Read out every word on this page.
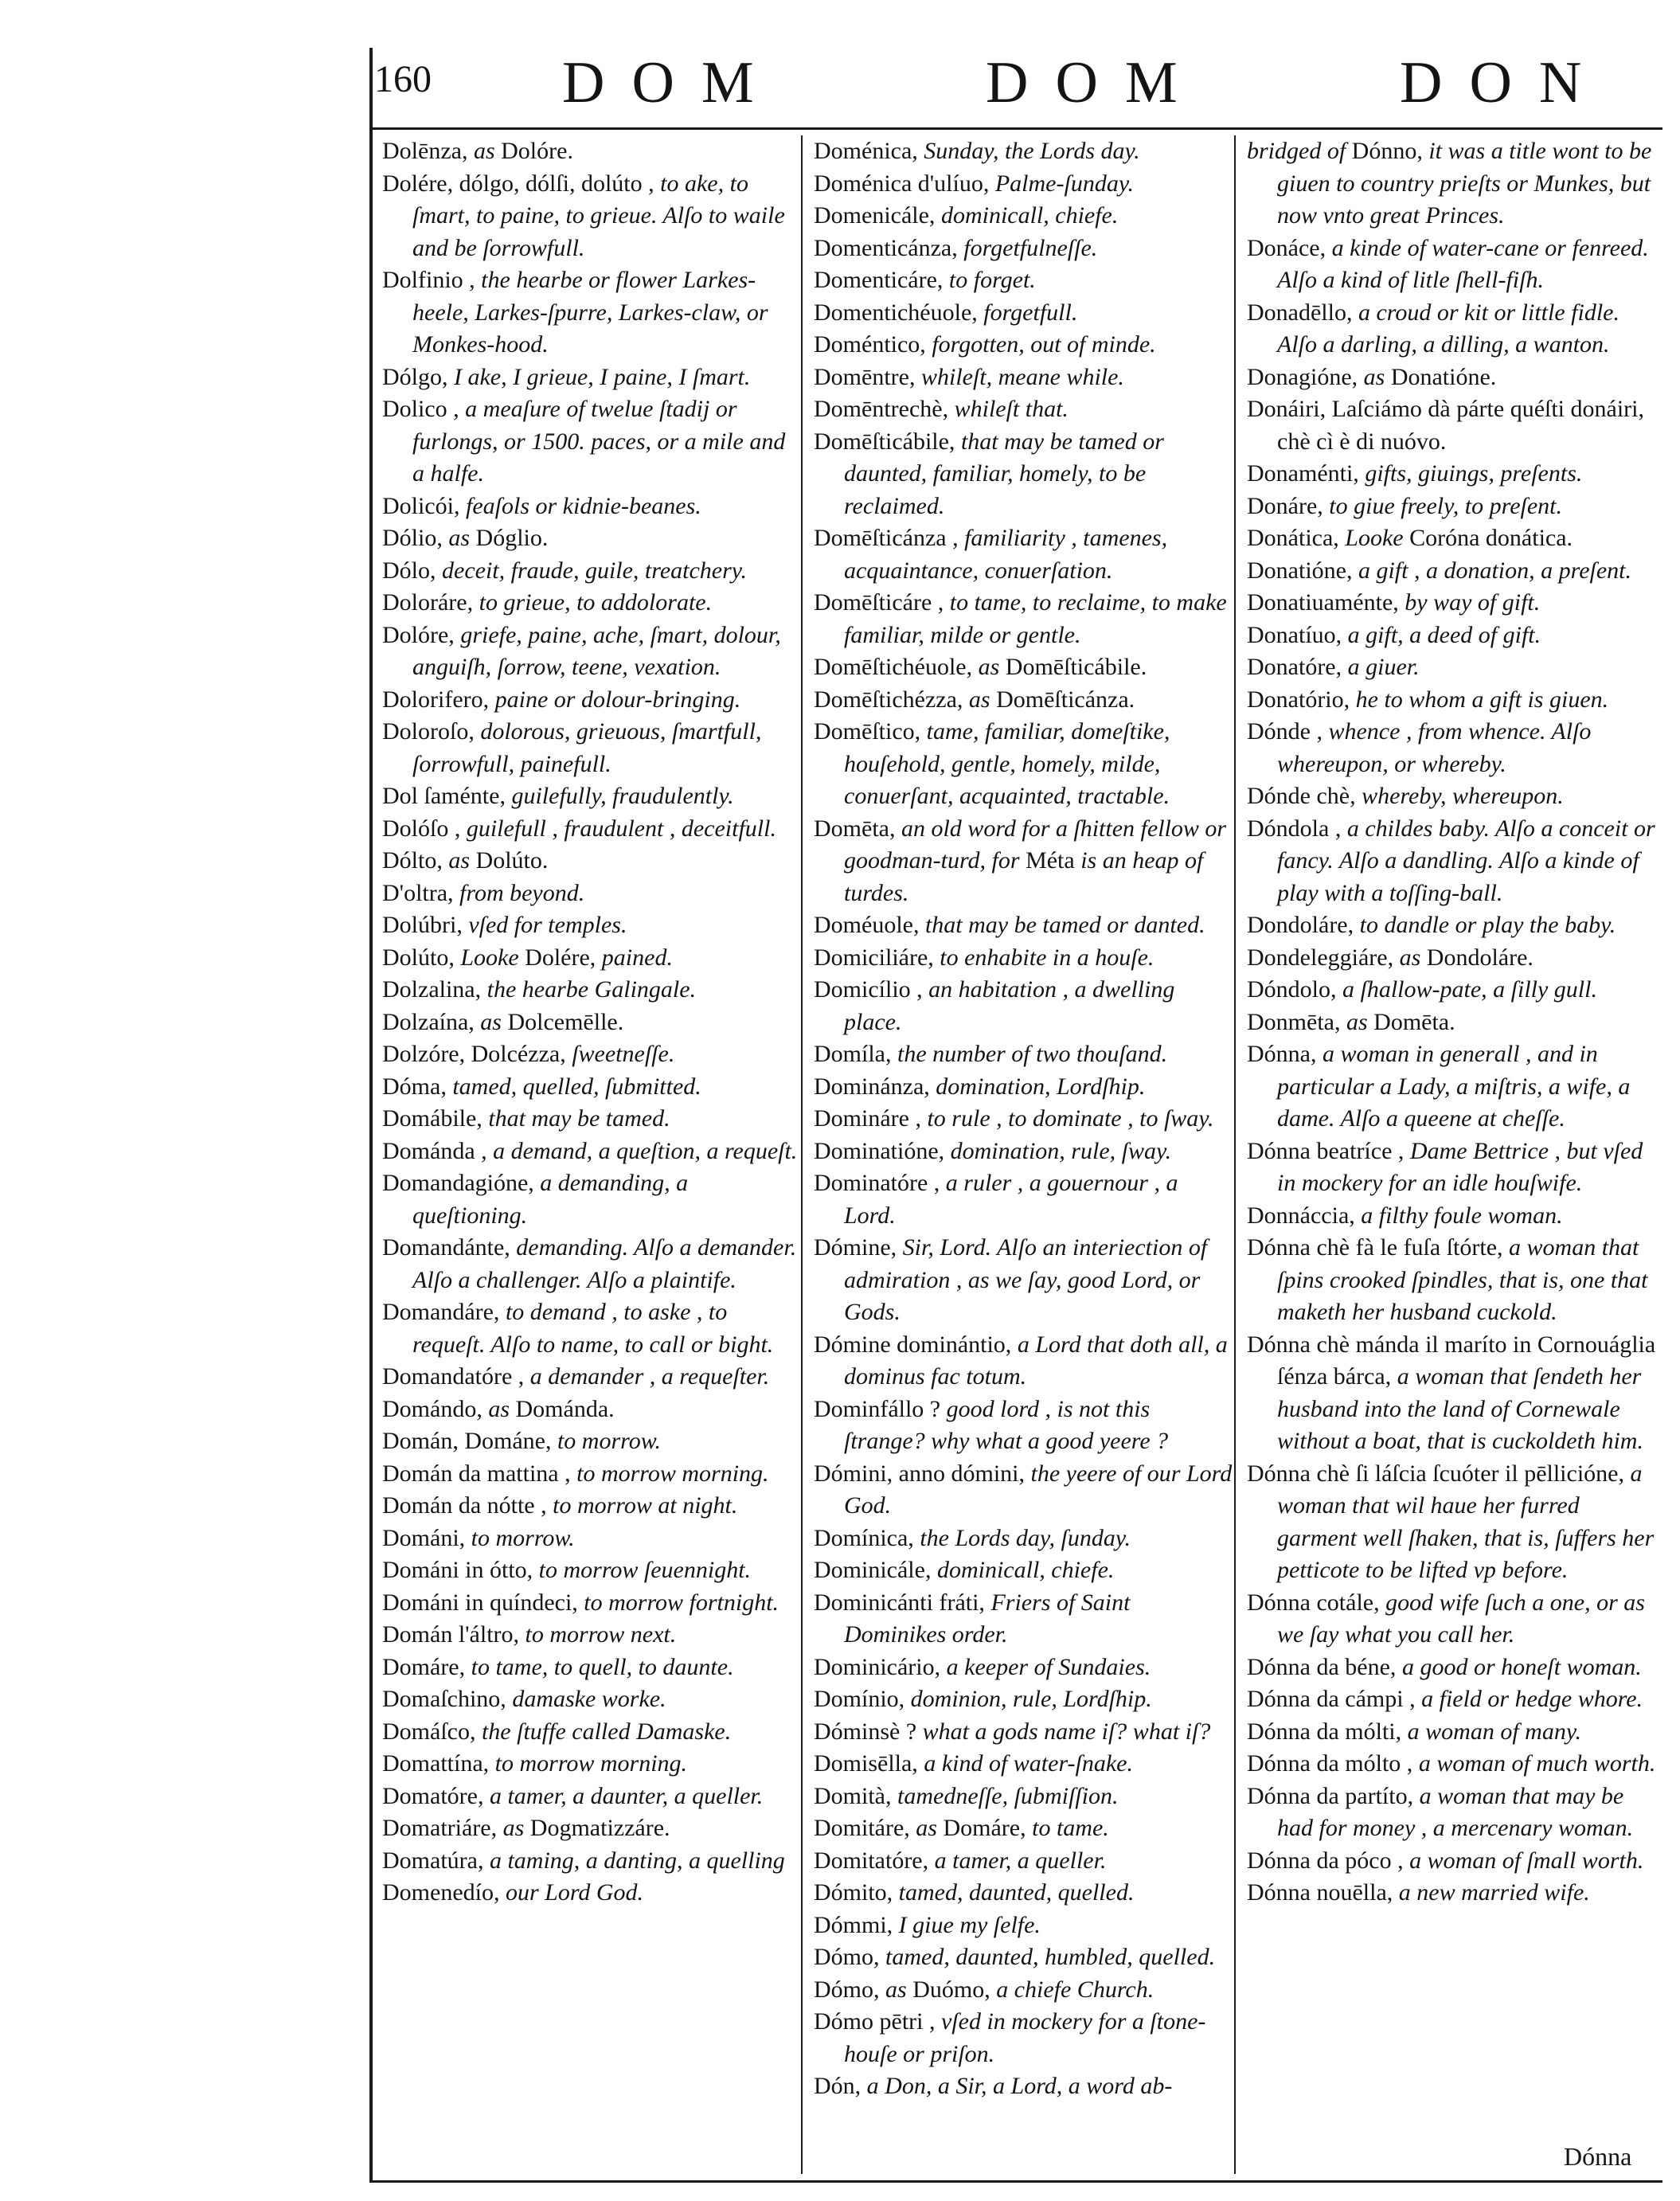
160 DOM	DOM	DON

Dolēnza, as Dolóre.

Dolére, dólgo, dólſi, dolúto , to ake, to ſmart, to paine, to grieue. Alſo to waile and be ſorrowfull.

Dolfinio , the hearbe or flower Larkes-heele, Larkes-ſpurre, Larkes-claw, or Monkes-hood.

Dólgo, I ake, I grieue, I paine, I ſmart.

Dolico , a meaſure of twelue ſtadij or furlongs, or 1500. paces, or a mile and a halfe.

Dolicói, feaſols or kidnie-beanes.

Dólio, as Dóglio.

Dólo, deceit, fraude, guile, treatchery.

Doloráre, to grieue, to addolorate.

Dolóre, griefe, paine, ache, ſmart, dolour, anguiſh, ſorrow, teene, vexation.

Dolorifero, paine or dolour-bringing.

Doloroſo, dolorous, grieuous, ſmartfull, ſorrowfull, painefull.

Dol ſaménte, guilefully, fraudulently.

Dolóſo , guilefull , fraudulent , deceitfull.

Dólto, as Dolúto.

D'oltra, from beyond.

Dolúbri, vſed for temples.

Dolúto, Looke Dolére, pained.

Dolzalina, the hearbe Galingale.

Dolzaína, as Dolcemēlle.

Dolzóre, Dolcézza, ſweetneſſe.

Dóma, tamed, quelled, ſubmitted.

Domábile, that may be tamed.

Dománda , a demand, a queſtion, a requeſt.

Domandagióne, a demanding, a queſtioning.

Domandánte, demanding. Alſo a demander. Alſo a challenger. Alſo a plaintife.

Domandáre, to demand , to aske , to requeſt. Alſo to name, to call or bight.

Domandatóre , a demander , a requeſter.

Domándo, as Dománda.

Domán, Dománe, to morrow.

Domán da mattina , to morrow morning.

Domán da nótte , to morrow at night.

Dománi, to morrow.

Dománi in ótto, to morrow ſeuennight.

Dománi in quíndeci, to morrow fortnight.

Domán l'áltro, to morrow next.

Domáre, to tame, to quell, to daunte.

Domaſchino, damaske worke.

Domáſco, the ſtuffe called Damaske.

Domattína, to morrow morning.

Domatóre, a tamer, a daunter, a queller.

Domatriáre, as Dogmatizzáre.

Domatúra, a taming, a danting, a quelling

Domenedío, our Lord God.

Doménica, Sunday, the Lords day.

Doménica d'ulíuo, Palme-ſunday.

Domenicále, dominicall, chiefe.

Domenticánza, forgetfulneſſe.

Domenticáre, to forget.

Domentichéuole, forgetfull.

Doméntico, forgotten, out of minde.

Domēntre, whileſt, meane while.

Domēntrechè, whileſt that.

Domēſticábile, that may be tamed or daunted, familiar, homely, to be reclaimed.

Domēſticánza , familiarity , tamenes, acquaintance, conuerſation.

Domēſticáre , to tame, to reclaime, to make familiar, milde or gentle.

Domēſtichéuole, as Domēſticábile.

Domēſtichézza, as Domēſticánza.

Domēſtico, tame, familiar, domeſtike, houſehold, gentle, homely, milde, conuerſant, acquainted, tractable.

Domēta, an old word for a ſhitten fellow or goodman-turd, for Méta is an heap of turdes.

Doméuole, that may be tamed or danted.

Domiciliáre, to enhabite in a houſe.

Domicílio , an habitation , a dwelling place.

Domíla, the number of two thouſand.

Dominánza, domination, Lordſhip.

Domináre , to rule , to dominate , to ſway.

Dominatióne, domination, rule, ſway.

Dominatóre , a ruler , a gouernour , a Lord.

Dómine, Sir, Lord. Alſo an interiection of admiration , as we ſay, good Lord, or Gods.

Dómine dominántio, a Lord that doth all, a dominus fac totum.

Dominfállo ? good lord , is not this ſtrange? why what a good yeere ?

Dómini, anno dómini, the yeere of our Lord God.

Domínica, the Lords day, ſunday.

Dominicále, dominicall, chiefe.

Dominicánti fráti, Friers of Saint Dominikes order.

Dominicário, a keeper of Sundaies.

Domínio, dominion, rule, Lordſhip.

Dóminsè ? what a gods name iſ? what iſ?

Domisēlla, a kind of water-ſnake.

Domità, tamedneſſe, ſubmiſſion.

Domitáre, as Domáre, to tame.

Domitatóre, a tamer, a queller.

Dómito, tamed, daunted, quelled.

Dómmi, I giue my ſelfe.

Dómo, tamed, daunted, humbled, quelled.

Dómo, as Duómo, a chiefe Church.

Dómo pētri , vſed in mockery for a ſtone-houſe or priſon.

Dón, a Don, a Sir, a Lord, a word ab-

bridged of Dónno, it was a title wont to be giuen to country prieſts or Munkes, but now vnto great Princes.

Donáce, a kinde of water-cane or fenreed. Alſo a kind of litle ſhell-fiſh.

Donadēllo, a croud or kit or little fidle. Alſo a darling, a dilling, a wanton.

Donagióne, as Donatióne.

Donáiri, Laſciámo dà párte quéſti donáiri, chè cì è di nuóvo.

Donaménti, gifts, giuings, preſents.

Donáre, to giue freely, to preſent.

Donática, Looke Coróna donática.

Donatióne, a gift , a donation, a preſent.

Donatiuaménte, by way of gift.

Donatíuo, a gift, a deed of gift.

Donatóre, a giuer.

Donatório, he to whom a gift is giuen.

Dónde , whence , from whence. Alſo whereupon, or whereby.

Dónde chè, whereby, whereupon.

Dóndola , a childes baby. Alſo a conceit or fancy. Alſo a dandling. Alſo a kinde of play with a toſſing-ball.

Dondoláre, to dandle or play the baby.

Dondeleggiáre, as Dondoláre.

Dóndolo, a ſhallow-pate, a ſilly gull.

Donmēta, as Domēta.

Dónna, a woman in generall , and in particular a Lady, a miſtris, a wife, a dame. Alſo a queene at cheſſe.

Dónna beatríce , Dame Bettrice , but vſed in mockery for an idle houſwife.

Donnáccia, a filthy foule woman.

Dónna chè fà le fuſa ſtórte, a woman that ſpins crooked ſpindles, that is, one that maketh her husband cuckold.

Dónna chè mánda il maríto in Cornouáglia ſénza bárca, a woman that ſendeth her husband into the land of Cornewale without a boat, that is cuckoldeth him.

Dónna chè ſi láſcia ſcuóter il pēllicióne, a woman that wil haue her furred garment well ſhaken, that is, ſuffers her petticote to be lifted vp before.

Dónna cotále, good wife ſuch a one, or as we ſay what you call her.

Dónna da béne, a good or honeſt woman.

Dónna da cámpi , a field or hedge whore.

Dónna da mólti, a woman of many.

Dónna da mólto , a woman of much worth.

Dónna da partíto, a woman that may be had for money , a mercenary woman.

Dónna da póco , a woman of ſmall worth.

Dónna nouēlla, a new married wife.

Dónna
